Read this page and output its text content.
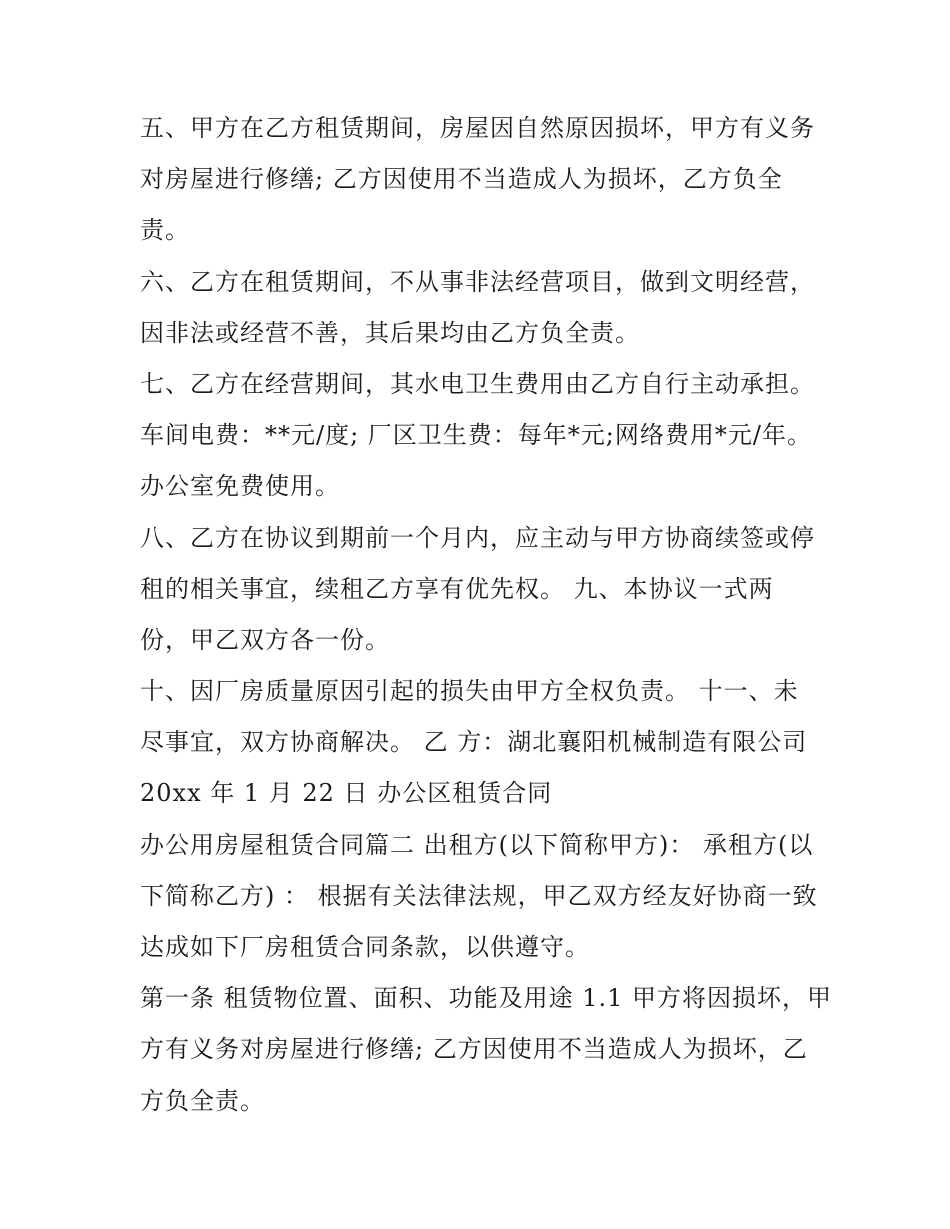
五、甲方在乙方租赁期间，房屋因自然原因损坏，甲方有义务
对房屋进行修缮; 乙方因使用不当造成人为损坏，乙方负全
责。
六、乙方在租赁期间，不从事非法经营项目，做到文明经营，
因非法或经营不善，其后果均由乙方负全责。
七、乙方在经营期间，其水电卫生费用由乙方自行主动承担。
车间电费：**元/度; 厂区卫生费：每年*元;网络费用*元/年。
办公室免费使用。
八、乙方在协议到期前一个月内，应主动与甲方协商续签或停
租的相关事宜，续租乙方享有优先权。 九、本协议一式两
份，甲乙双方各一份。
十、因厂房质量原因引起的损失由甲方全权负责。 十一、未
尽事宜，双方协商解决。 乙 方：湖北襄阳机械制造有限公司
20xx 年 1 月 22 日 办公区租赁合同
办公用房屋租赁合同篇二 出租方(以下简称甲方)： 承租方(以
下简称乙方) ： 根据有关法律法规，甲乙双方经友好协商一致
达成如下厂房租赁合同条款，以供遵守。
第一条 租赁物位置、面积、功能及用途 1.1 甲方将因损坏，甲
方有义务对房屋进行修缮; 乙方因使用不当造成人为损坏，乙
方负全责。
